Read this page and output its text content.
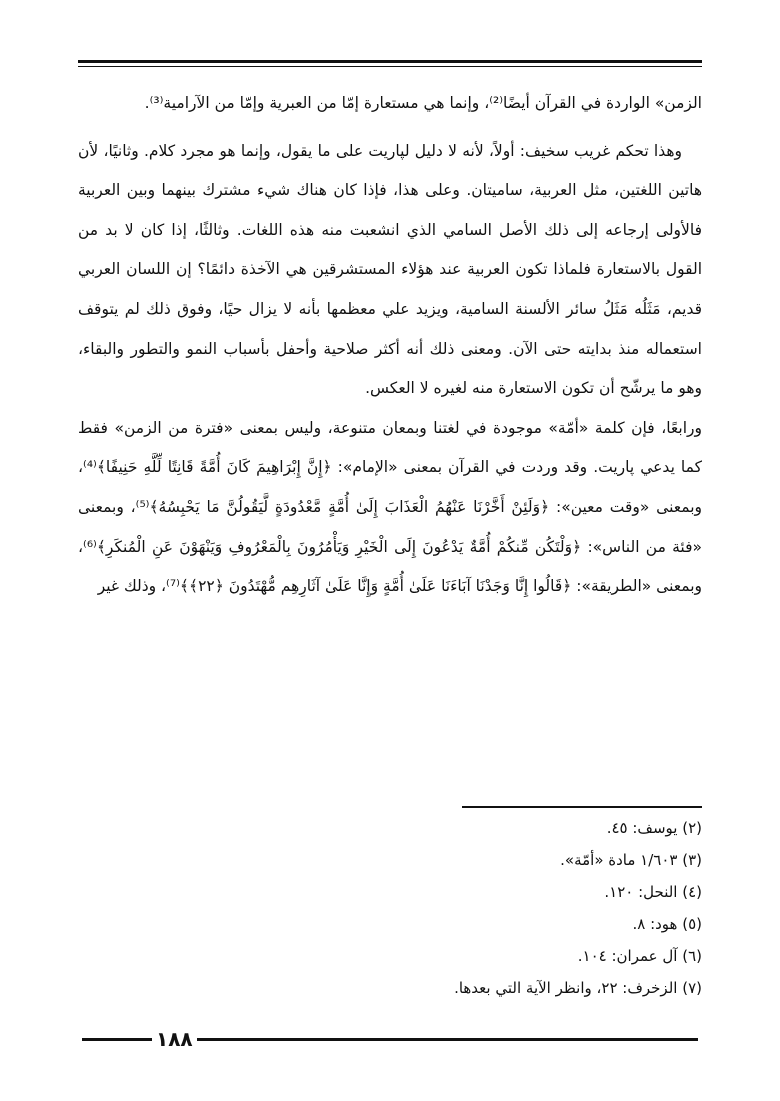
الزمن» الواردة في القرآن أيضًا⁽²⁾، وإنما هي مستعارة إمّا من العبرية وإمّا من الآرامية⁽³⁾.

وهذا تحكم غريب سخيف: أولاً، لأنه لا دليل لپاريت على ما يقول، وإنما هو مجرد كلام. وثانيًا، لأن هاتين اللغتين، مثل العربية، ساميتان. وعلى هذا، فإذا كان هناك شيء مشترك بينهما وبين العربية فالأولى إرجاعه إلى ذلك الأصل السامي الذي انشعبت منه هذه اللغات. وثالثًا، إذا كان لا بد من القول بالاستعارة فلماذا تكون العربية عند هؤلاء المستشرقين هي الآخذة دائمًا؟ إن اللسان العربي قديم، مَثَلُه مَثَلُ سائر الألسنة السامية، ويزيد علي معظمها بأنه لا يزال حيًا، وفوق ذلك لم يتوقف استعماله منذ بدايته حتى الآن. ومعنى ذلك أنه أكثر صلاحية وأحفل بأسباب النمو والتطور والبقاء، وهو ما يرشّح أن تكون الاستعارة منه لغيره لا العكس.

ورابعًا، فإن كلمة «أمّة» موجودة في لغتنا وبمعان متنوعة، وليس بمعنى «فترة من الزمن» فقط كما يدعي پاريت. وقد وردت في القرآن بمعنى «الإمام»: ﴿إِنَّ إِبْرَاهِيمَ كَانَ أُمَّةً قَانِتًا لِّلَّهِ حَنِيفًا﴾⁽⁴⁾، وبمعنى «وقت معين»: ﴿وَلَئِنْ أَخَّرْنَا عَنْهُمُ الْعَذَابَ إِلَىٰ أُمَّةٍ مَّعْدُودَةٍ لَّيَقُولُنَّ مَا يَحْبِسُهُ﴾⁽⁵⁾، وبمعنى «فئة من الناس»: ﴿وَلْتَكُن مِّنكُمْ أُمَّةٌ يَدْعُونَ إِلَى الْخَيْرِ وَيَأْمُرُونَ بِالْمَعْرُوفِ وَيَنْهَوْنَ عَنِ الْمُنكَرِ﴾⁽⁶⁾، وبمعنى «الطريقة»: ﴿قَالُوا إِنَّا وَجَدْنَا آبَاءَنَا عَلَىٰ أُمَّةٍ وَإِنَّا عَلَىٰ آثَارِهِم مُّهْتَدُونَ ﴿٢٢﴾﴾⁽⁷⁾، وذلك غير

(٢) يوسف: ٤٥.

(٣) ١/٦٠٣ مادة «أمّة».

(٤) النحل: ١٢٠.

(٥) هود: ٨.

(٦) آل عمران: ١٠٤.

(٧) الزخرف: ٢٢، وانظر الآية التي بعدها.

١٨٨
